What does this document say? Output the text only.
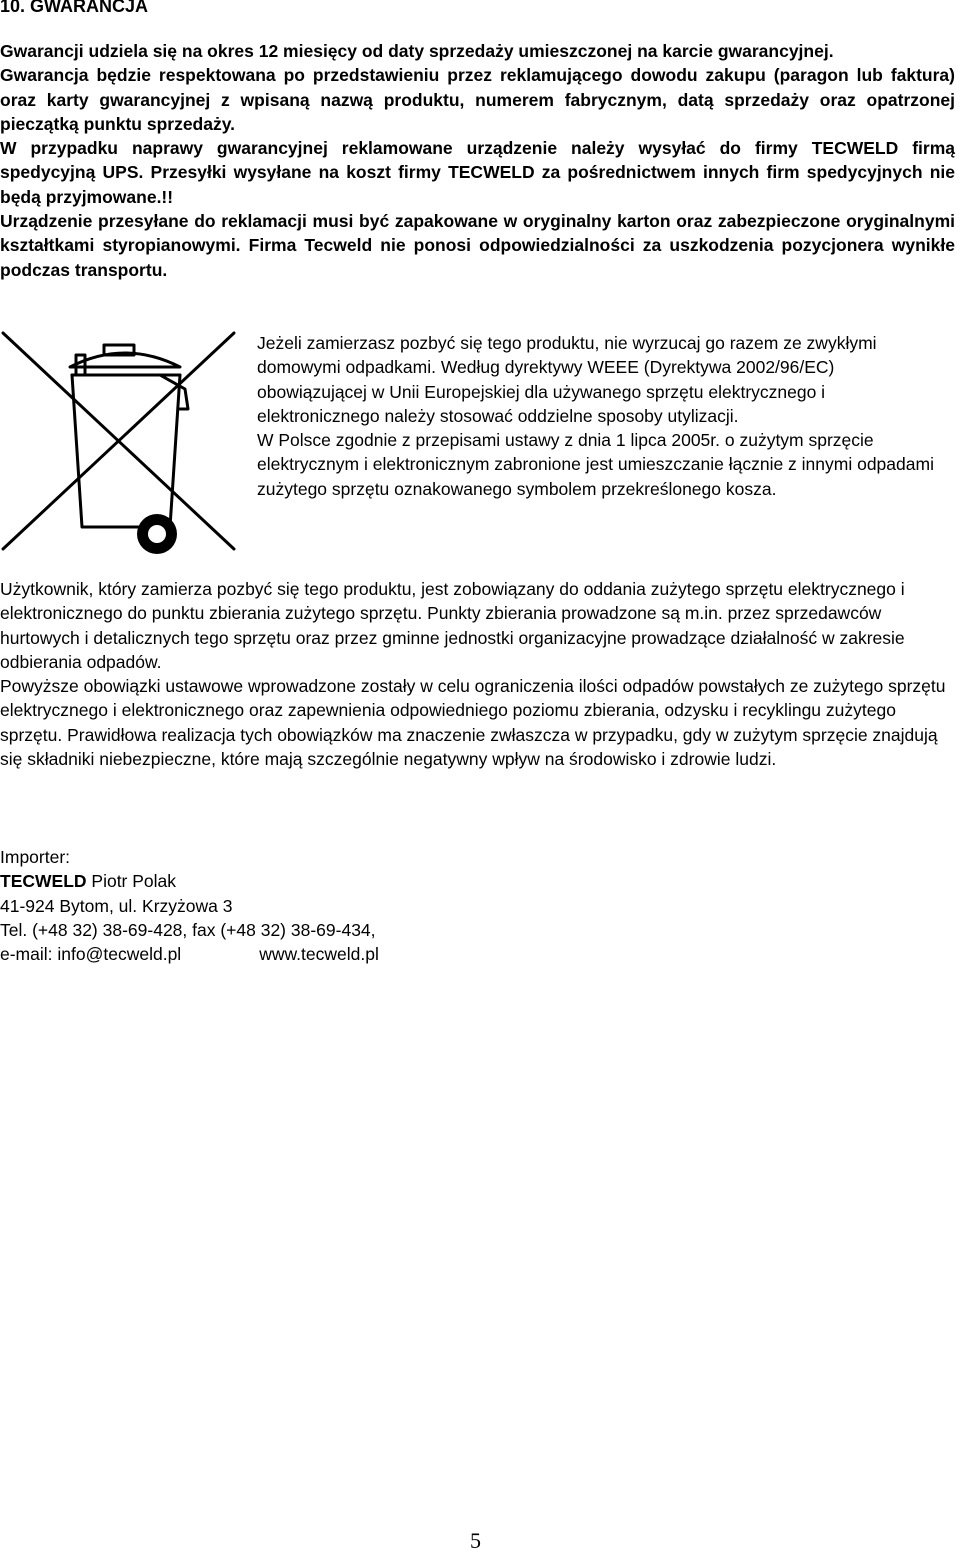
10. GWARANCJA

Gwarancji udziela się na okres 12 miesięcy od daty sprzedaży umieszczonej na karcie gwarancyjnej.

Gwarancja będzie respektowana po przedstawieniu przez reklamującego dowodu zakupu (paragon lub faktura) oraz karty gwarancyjnej z wpisaną nazwą produktu, numerem fabrycznym, datą sprzedaży oraz opatrzonej pieczątką punktu sprzedaży.

W przypadku naprawy gwarancyjnej reklamowane urządzenie należy wysyłać do firmy TECWELD firmą spedycyjną UPS. Przesyłki wysyłane na koszt firmy TECWELD za pośrednictwem innych firm spedycyjnych nie będą przyjmowane.!!

Urządzenie przesyłane do reklamacji musi być zapakowane w oryginalny karton oraz zabezpieczone oryginalnymi kształtkami styropianowymi. Firma Tecweld nie ponosi odpowiedzialności za uszkodzenia pozycjonera wynikłe podczas transportu.

Jeżeli zamierzasz pozbyć się tego produktu, nie wyrzucaj go razem ze zwykłymi domowymi odpadkami. Według dyrektywy WEEE (Dyrektywa 2002/96/EC) obowiązującej w Unii Europejskiej dla używanego sprzętu elektrycznego i elektronicznego należy stosować oddzielne sposoby utylizacji.

W Polsce zgodnie z przepisami ustawy z dnia 1 lipca 2005r. o zużytym sprzęcie elektrycznym i elektronicznym zabronione jest umieszczanie łącznie z innymi odpadami zużytego sprzętu oznakowanego symbolem przekreślonego kosza.

Użytkownik, który zamierza pozbyć się tego produktu, jest zobowiązany do oddania zużytego sprzętu elektrycznego i elektronicznego do punktu zbierania zużytego sprzętu. Punkty zbierania prowadzone są m.in. przez sprzedawców hurtowych i detalicznych tego sprzętu oraz przez gminne jednostki organizacyjne prowadzące działalność w zakresie odbierania odpadów.

Powyższe obowiązki ustawowe wprowadzone zostały w celu ograniczenia ilości odpadów powstałych ze zużytego sprzętu elektrycznego i elektronicznego oraz zapewnienia odpowiedniego poziomu zbierania, odzysku i recyklingu zużytego sprzętu. Prawidłowa realizacja tych obowiązków ma znaczenie zwłaszcza w przypadku, gdy w zużytym sprzęcie znajdują się składniki niebezpieczne, które mają szczególnie negatywny wpływ na środowisko i zdrowie ludzi.

Importer:

TECWELD Piotr Polak

41-924 Bytom, ul. Krzyżowa 3

Tel. (+48 32) 38-69-428, fax (+48 32) 38-69-434,

e-mail: info@tecweld.pl	www.tecweld.pl

5
